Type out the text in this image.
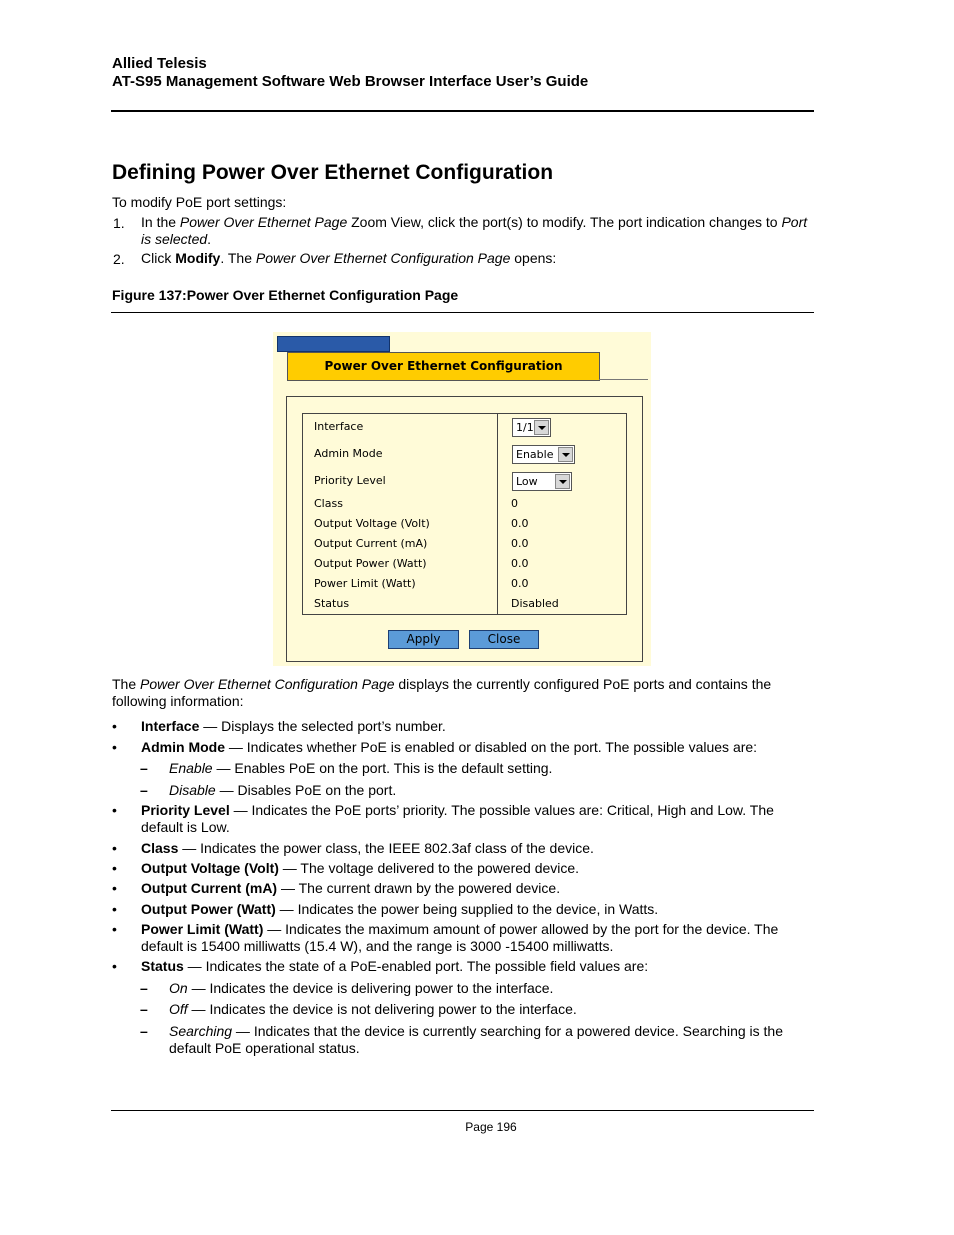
Allied Telesis
AT-S95 Management Software Web Browser Interface User’s Guide
Defining Power Over Ethernet Configuration
To modify PoE port settings:
1. In the Power Over Ethernet Page Zoom View, click the port(s) to modify. The port indication changes to Port
is selected.
2. Click Modify. The Power Over Ethernet Configuration Page opens:
Figure 137:Power Over Ethernet Configuration Page
Power Over Ethernet Configuration
Interface	1/1
Admin Mode	Enable
Priority Level	Low
Class	0
Output Voltage (Volt)	0.0
Output Current (mA)	0.0
Output Power (Watt)	0.0
Power Limit (Watt)	0.0
Status	Disabled
Apply	Close
The Power Over Ethernet Configuration Page displays the currently configured PoE ports and contains the
following information:
• Interface — Displays the selected port’s number.
• Admin Mode — Indicates whether PoE is enabled or disabled on the port. The possible values are:
– Enable — Enables PoE on the port. This is the default setting.
– Disable — Disables PoE on the port.
• Priority Level — Indicates the PoE ports’ priority. The possible values are: Critical, High and Low. The
default is Low.
• Class — Indicates the power class, the IEEE 802.3af class of the device.
• Output Voltage (Volt) — The voltage delivered to the powered device.
• Output Current (mA) — The current drawn by the powered device.
• Output Power (Watt) — Indicates the power being supplied to the device, in Watts.
• Power Limit (Watt) — Indicates the maximum amount of power allowed by the port for the device. The
default is 15400 milliwatts (15.4 W), and the range is 3000 -15400 milliwatts.
• Status — Indicates the state of a PoE-enabled port. The possible field values are:
– On — Indicates the device is delivering power to the interface.
– Off — Indicates the device is not delivering power to the interface.
– Searching — Indicates that the device is currently searching for a powered device. Searching is the
default PoE operational status.
Page 196
